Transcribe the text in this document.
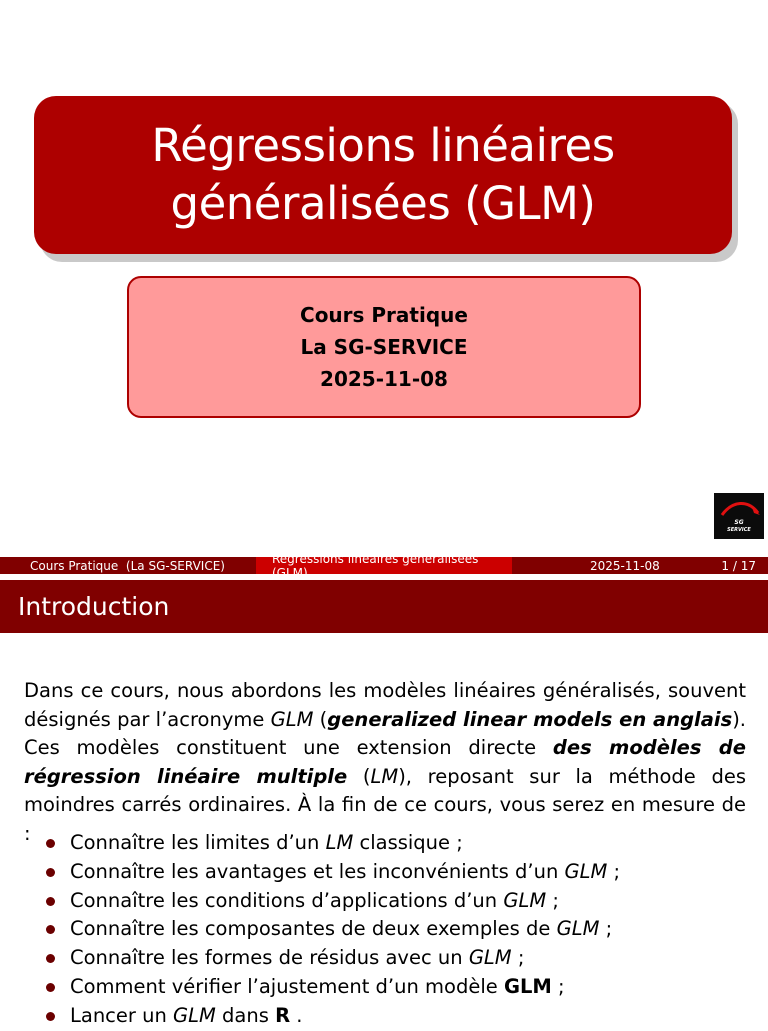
Régressions linéaires
généralisées (GLM)
Cours Pratique
La SG-SERVICE
2025-11-08
SG
SERVICE
Cours Pratique  (La SG-SERVICE)	Régressions linéaires généralisées (GLM)	2025-11-08	1 / 17
Introduction
Dans ce cours, nous abordons les modèles linéaires généralisés, souvent désignés par l’acronyme GLM (generalized linear models en anglais). Ces modèles constituent une extension directe des modèles de régression linéaire multiple (LM), reposant sur la méthode des moindres carrés ordinaires. À la fin de ce cours, vous serez en mesure de :	Connaître les limites d’un LM classique ;
Connaître les avantages et les inconvénients d’un GLM ;
Connaître les conditions d’applications d’un GLM ;
Connaître les composantes de deux exemples de GLM ;
Connaître les formes de résidus avec un GLM ;
Comment vérifier l’ajustement d’un modèle GLM ;
Lancer un GLM dans R .
